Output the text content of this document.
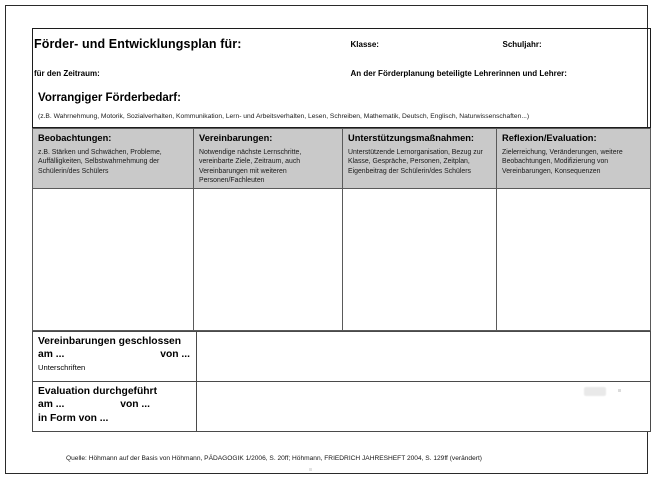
Förder- und Entwicklungsplan für:	Klasse:	Schuljahr:

für den Zeitraum:	An der Förderplanung beteiligte Lehrerinnen und Lehrer:	

Vorrangiger Förderbedarf:
(z.B. Wahrnehmung, Motorik, Sozialverhalten, Kommunikation, Lern- und Arbeitsverhalten, Lesen, Schreiben, Mathematik, Deutsch, Englisch, Naturwissenschaften...)		
Beobachtungen:
z.B. Stärken und Schwächen, Probleme, Auffälligkeiten, Selbstwahrnehmung der Schülerin/des Schülers

Vereinbarungen:
Notwendige nächste Lernschritte, vereinbarte Ziele, Zeitraum, auch Vereinbarungen mit weiteren Personen/Fachleuten

Unterstützungsmaßnahmen:
Unterstützende Lernorganisation, Bezug zur Klasse, Gespräche, Personen, Zeitplan, Eigenbeitrag der Schülerin/des Schülers

Reflexion/Evaluation:
Zielerreichung, Veränderungen, weitere Beobachtungen, Modifizierung von Vereinbarungen, Konsequenzen

Vereinbarungen geschlossen
am ... von ...
Unterschriften	

Evaluation durchgeführt
am ... von ...
in Form von ...	

Quelle: Höhmann auf der Basis von Höhmann, PÄDAGOGIK 1/2006, S. 20ff; Höhmann, FRIEDRICH JAHRESHEFT 2004, S. 129ff (verändert)
